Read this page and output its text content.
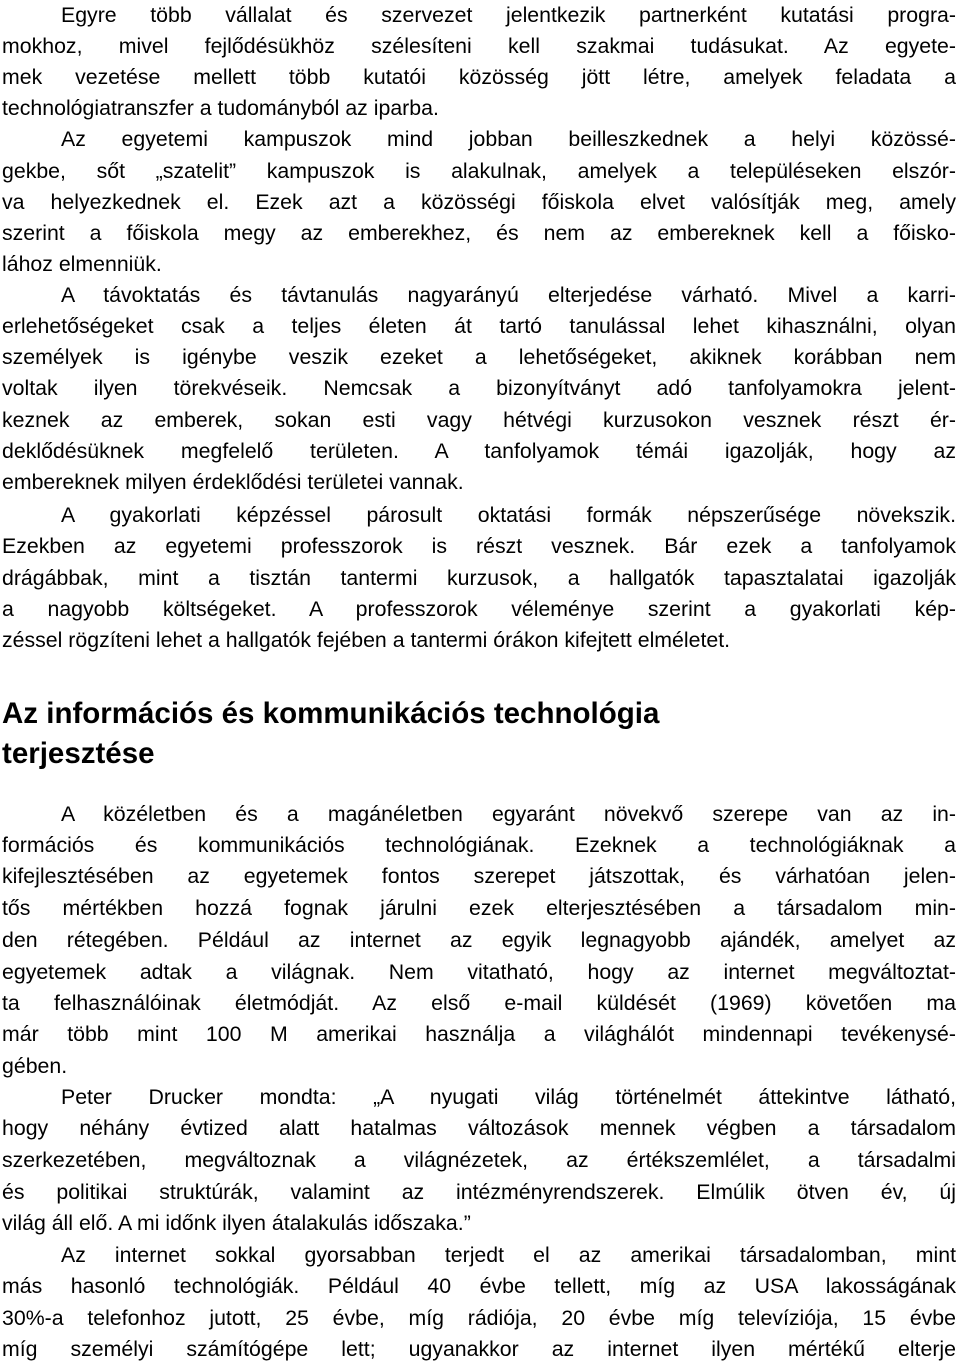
Egyre több vállalat és szervezet jelentkezik partnerként kutatási progra-
mokhoz, mivel fejlődésükhöz szélesíteni kell szakmai tudásukat. Az egyete-
mek vezetése mellett több kutatói közösség jött létre, amelyek feladata a
technológiatranszfer a tudományból az iparba.
Az egyetemi kampuszok mind jobban beilleszkednek a helyi közössé-
gekbe, sőt „szatelit” kampuszok is alakulnak, amelyek a településeken elszór-
va helyezkednek el. Ezek azt a közösségi főiskola elvet valósítják meg, amely
szerint a főiskola megy az emberekhez, és nem az embereknek kell a főisko-
lához elmenniük.
A távoktatás és távtanulás nagyarányú elterjedése várható. Mivel a karri-
erlehetőségeket csak a teljes életen át tartó tanulással lehet kihasználni, olyan
személyek is igénybe veszik ezeket a lehetőségeket, akiknek korábban nem
voltak ilyen törekvéseik. Nemcsak a bizonyítványt adó tanfolyamokra jelent-
keznek az emberek, sokan esti vagy hétvégi kurzusokon vesznek részt ér-
deklődésüknek megfelelő területen. A tanfolyamok témái igazolják, hogy az
embereknek milyen érdeklődési területei vannak.
A gyakorlati képzéssel párosult oktatási formák népszerűsége növekszik.
Ezekben az egyetemi professzorok is részt vesznek. Bár ezek a tanfolyamok
drágábbak, mint a tisztán tantermi kurzusok, a hallgatók tapasztalatai igazolják
a nagyobb költségeket. A professzorok véleménye szerint a gyakorlati kép-
zéssel rögzíteni lehet a hallgatók fejében a tantermi órákon kifejtett elméletet.
Az információs és kommunikációs technológia
terjesztése
A közéletben és a magánéletben egyaránt növekvő szerepe van az in-
formációs és kommunikációs technológiának. Ezeknek a technológiáknak a
kifejlesztésében az egyetemek fontos szerepet játszottak, és várhatóan jelen-
tős mértékben hozzá fognak járulni ezek elterjesztésében a társadalom min-
den rétegében. Például az internet az egyik legnagyobb ajándék, amelyet az
egyetemek adtak a világnak. Nem vitatható, hogy az internet megváltoztat-
ta felhasználóinak életmódját. Az első e-mail küldését (1969) követően ma
már több mint 100 M amerikai használja a világhálót mindennapi tevékenysé-
gében.
Peter Drucker mondta: „A nyugati világ történelmét áttekintve látható,
hogy néhány évtized alatt hatalmas változások mennek végben a társadalom
szerkezetében, megváltoznak a világnézetek, az értékszemlélet, a társadalmi
és politikai struktúrák, valamint az intézményrendszerek. Elmúlik ötven év, új
világ áll elő. A mi időnk ilyen átalakulás időszaka.”
Az internet sokkal gyorsabban terjedt el az amerikai társadalomban, mint
más hasonló technológiák. Például 40 évbe tellett, míg az USA lakosságának
30%-a telefonhoz jutott, 25 évbe, míg rádiója, 20 évbe míg televíziója, 15 évbe
míg személyi számítógépe lett; ugyanakkor az internet ilyen mértékű elterje
